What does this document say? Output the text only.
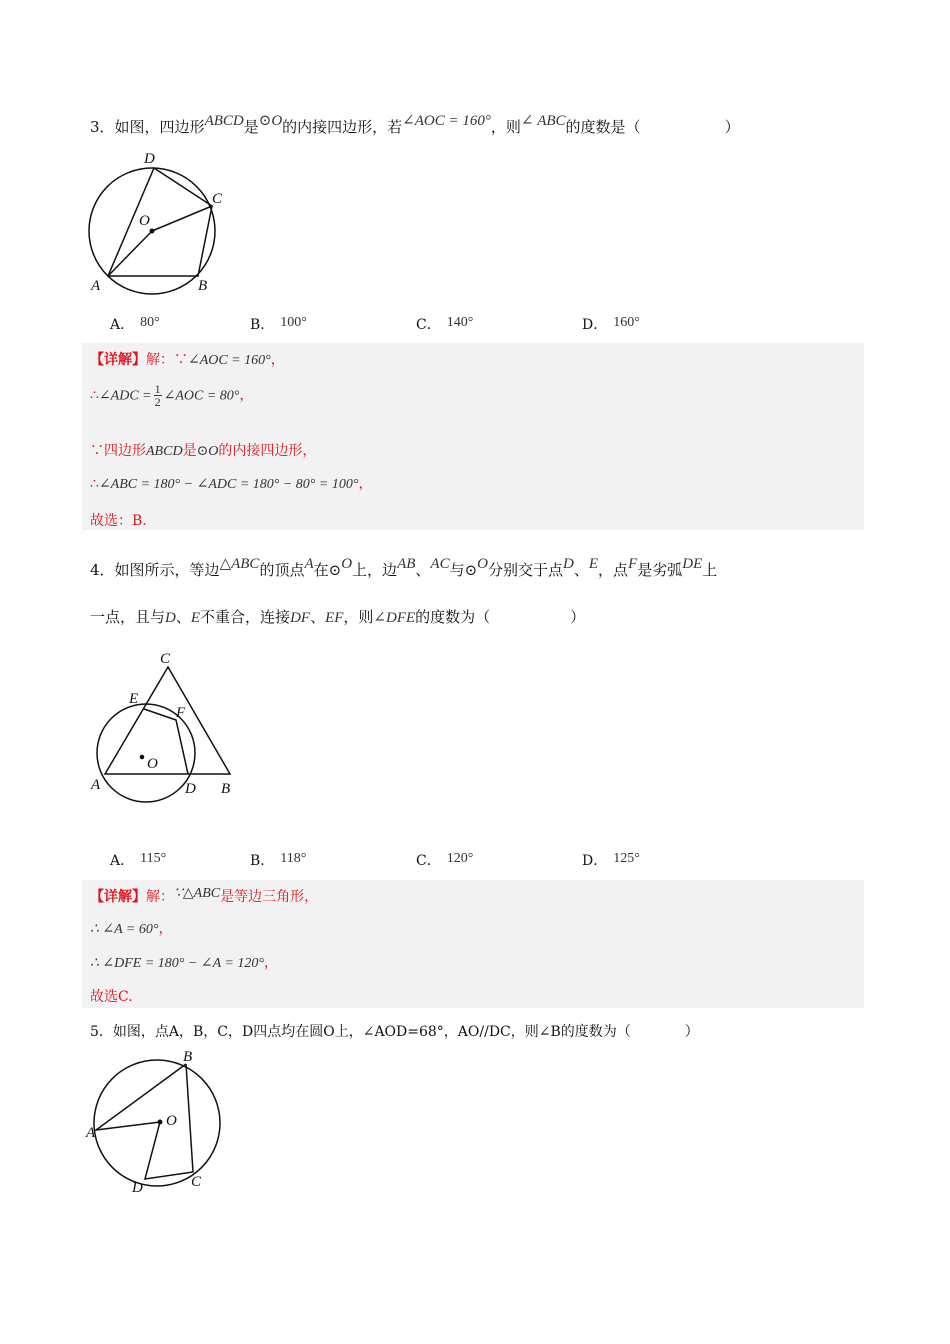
3．如图，四边形ABCD是⊙O的内接四边形，若∠AOC = 160°，则∠ ABC的度数是（	）
A	B
C
D
O
A． 80°	B． 100°	C． 140°	D． 160°
【详解】解：∵∠AOC = 160°，
∴∠ADC = $\frac{1}{2}$ ∠AOC = 80°，
∵四边形ABCD是⊙O的内接四边形，
∴∠ABC = 180° − ∠ADC = 180° − 80° = 100°，
故选：B.
4．如图所示，等边△ABC的顶点A在⊙O上，边AB、AC与⊙O分别交于点D、E，点F是劣弧DE上
一点，且与D、E不重合，连接DF、EF，则∠DFE的度数为（	）
A	B
C
D
E
F
O
A． 115°	B． 118°	C． 120°	D． 125°
【详解】解：∵△ABC是等边三角形，
∴ ∠A = 60°，
∴ ∠DFE = 180° − ∠A = 120°，
故选C.
5．如图，点A，B，C，D四点均在圆O上，∠AOD=68°，AO//DC，则∠B的度数为（	）
A
B
C
D
O
